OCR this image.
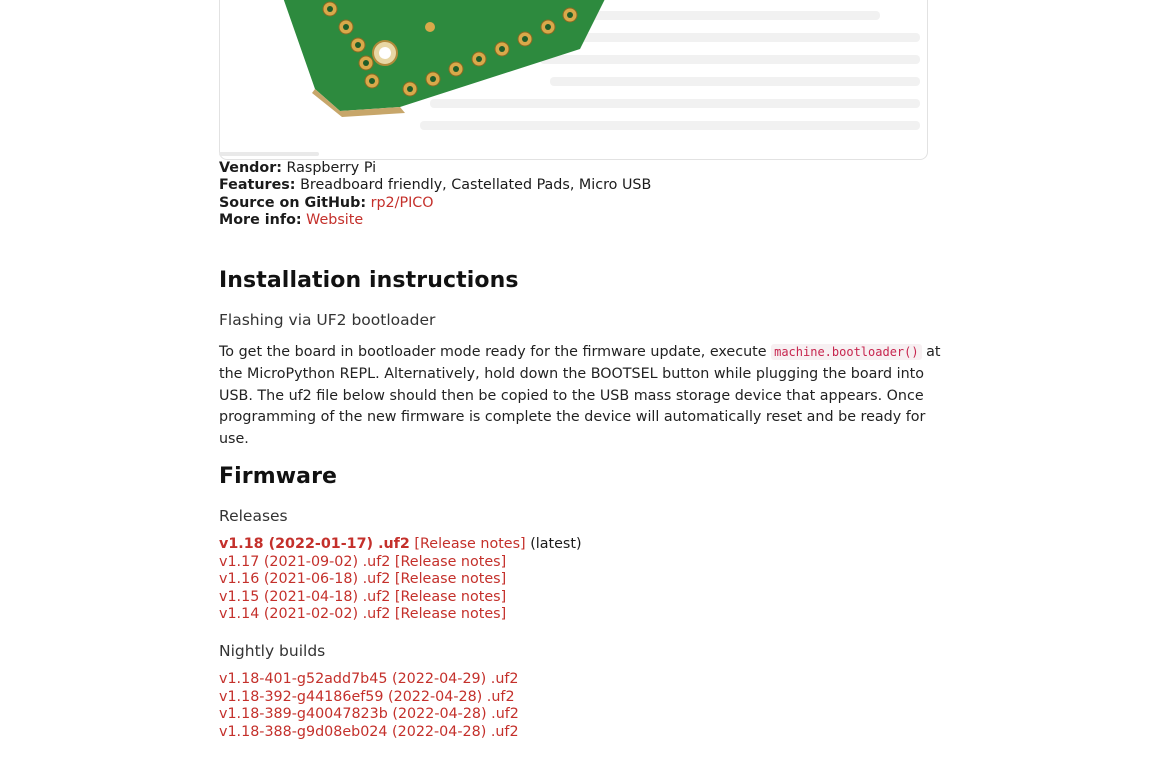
Vendor: Raspberry Pi
Features: Breadboard friendly, Castellated Pads, Micro USB
Source on GitHub: rp2/PICO
More info: Website
Installation instructions
Flashing via UF2 bootloader

To get the board in bootloader mode ready for the firmware update, execute machine.bootloader() at the MicroPython REPL. Alternatively, hold down the BOOTSEL button while plugging the board into USB. The uf2 file below should then be copied to the USB mass storage device that appears. Once programming of the new firmware is complete the device will automatically reset and be ready for use.

Firmware
Releases
v1.18 (2022-01-17) .uf2 [Release notes] (latest)
v1.17 (2021-09-02) .uf2 [Release notes]
v1.16 (2021-06-18) .uf2 [Release notes]
v1.15 (2021-04-18) .uf2 [Release notes]
v1.14 (2021-02-02) .uf2 [Release notes]
Nightly builds
v1.18-401-g52add7b45 (2022-04-29) .uf2
v1.18-392-g44186ef59 (2022-04-28) .uf2
v1.18-389-g40047823b (2022-04-28) .uf2
v1.18-388-g9d08eb024 (2022-04-28) .uf2
